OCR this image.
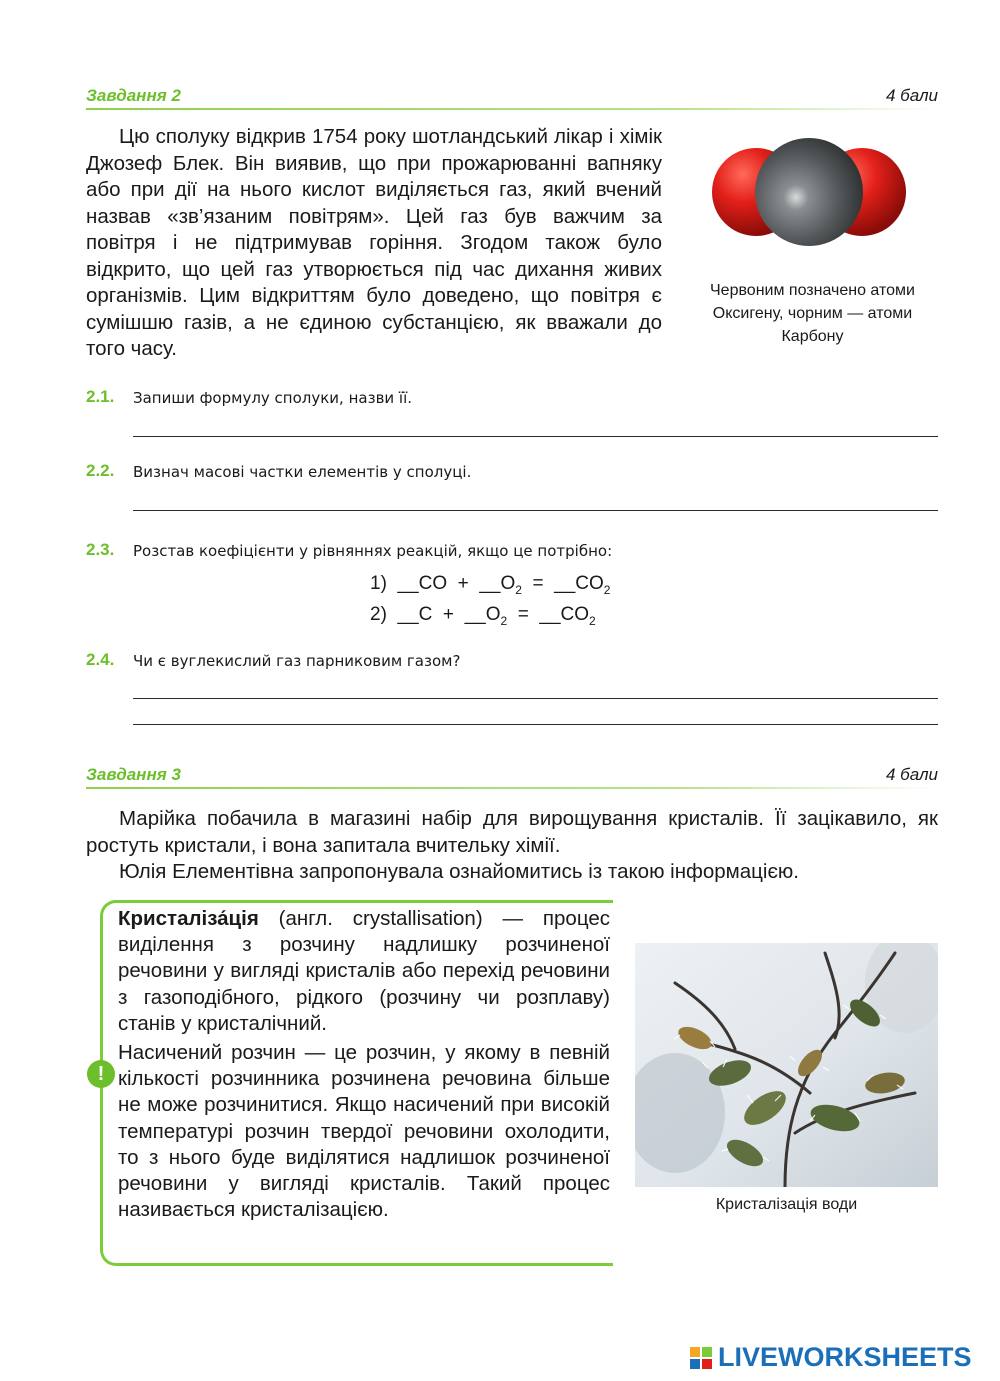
Завдання 2	4 бали

Цю сполуку відкрив 1754 року шотландський лікар і хімік Джозеф Блек. Він виявив, що при прожарюванні вапняку або при дії на нього кислот виділяється газ, який вчений назвав «зв’язаним повітрям». Цей газ був важчим за повітря і не підтримував горіння. Згодом також було відкрито, що цей газ утворюється під час дихання живих організмів. Цим відкриттям було доведено, що повітря є сумішшю газів, а не єдиною субстанцією, як вважали до того часу.

Червоним позначено атоми Оксигену, чорним — атоми Карбону
2.1. Запиши формулу сполуки, назви її.
2.2. Визнач масові частки елементів у сполуці.
2.3. Розстав коефіцієнти у рівняннях реакцій, якщо це потрібно:
1) __CO  +  $\_\_O_2$  =  $\_\_CO_2$
2) __C  +  $\_\_O_2$  =  $\_\_CO_2$
2.4. Чи є вуглекислий газ парниковим газом?
Завдання 3	4 бали

Марійка побачила в магазині набір для вирощування кристалів. Її зацікавило, як ростуть кристали, і вона запитала вчительку хімії.

Юлія Елементівна запропонувала ознайомитись із такою інформацією.

!

Кристаліза́ція (англ. crystallisation) — процес виділення з розчину надлишку розчиненої речовини у вигляді кристалів або перехід речовини з газоподібного, рідкого (розчину чи розплаву) станів у кристалічний.

Насичений розчин — це розчин, у якому в певній кількості розчинника розчинена речовина більше не може розчинитися. Якщо насичений при високій температурі розчин твердої речовини охолодити, то з нього буде виділятися надлишок розчиненої речовини у вигляді кристалів. Такий процес називається кристалізацією.	Кристалізація води
LIVEWORKSHEETS
